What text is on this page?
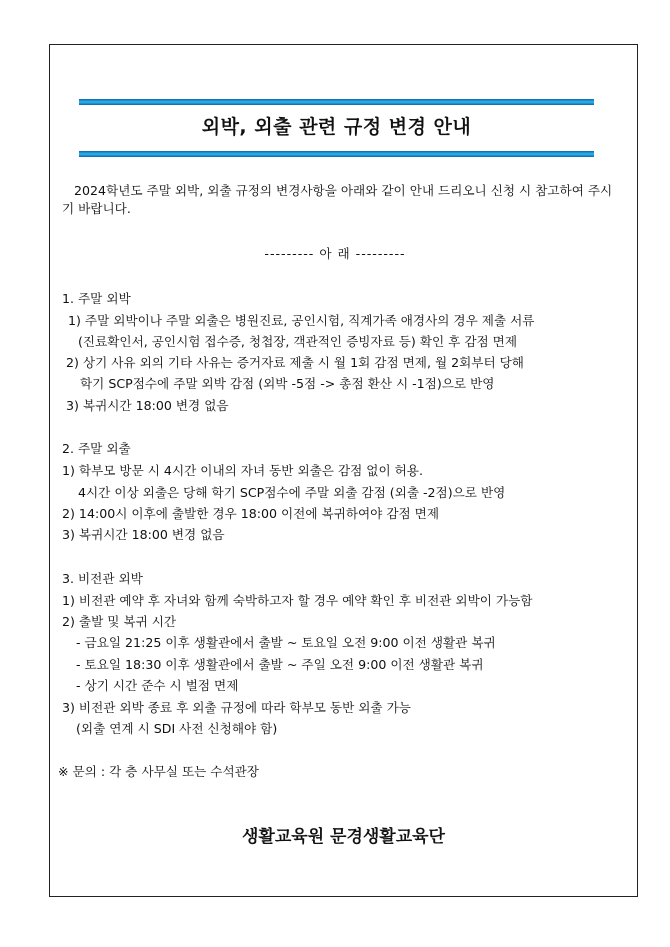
외박, 외출 관련 규정 변경 안내
2024학년도 주말 외박, 외출 규정의 변경사항을 아래와 같이 안내 드리오니 신청 시 참고하여 주시기 바랍니다.
--------- 아 래 ---------
1. 주말 외박
1) 주말 외박이나 주말 외출은 병원진료, 공인시험, 직계가족 애경사의 경우 제출 서류
(진료확인서, 공인시험 접수증, 청첩장, 객관적인 증빙자료 등) 확인 후 감점 면제
2) 상기 사유 외의 기타 사유는 증거자료 제출 시 월 1회 감점 면제, 월 2회부터 당해
학기 SCP점수에 주말 외박 감점 (외박 -5점 -> 총점 환산 시 -1점)으로 반영
3) 복귀시간 18:00 변경 없음
2. 주말 외출
1) 학부모 방문 시 4시간 이내의 자녀 동반 외출은 감점 없이 허용.
4시간 이상 외출은 당해 학기 SCP점수에 주말 외출 감점 (외출 -2점)으로 반영
2) 14:00시 이후에 출발한 경우 18:00 이전에 복귀하여야 감점 면제
3) 복귀시간 18:00 변경 없음
3. 비전관 외박
1) 비전관 예약 후 자녀와 함께 숙박하고자 할 경우 예약 확인 후 비전관 외박이 가능함
2) 출발 및 복귀 시간
- 금요일 21:25 이후 생활관에서 출발 ~ 토요일 오전 9:00 이전 생활관 복귀
- 토요일 18:30 이후 생활관에서 출발 ~ 주일 오전 9:00 이전 생활관 복귀
- 상기 시간 준수 시 벌점 면제
3) 비전관 외박 종료 후 외출 규정에 따라 학부모 동반 외출 가능
(외출 연계 시 SDI 사전 신청해야 함)
※ 문의 : 각 층 사무실 또는 수석관장
생활교육원 문경생활교육단
